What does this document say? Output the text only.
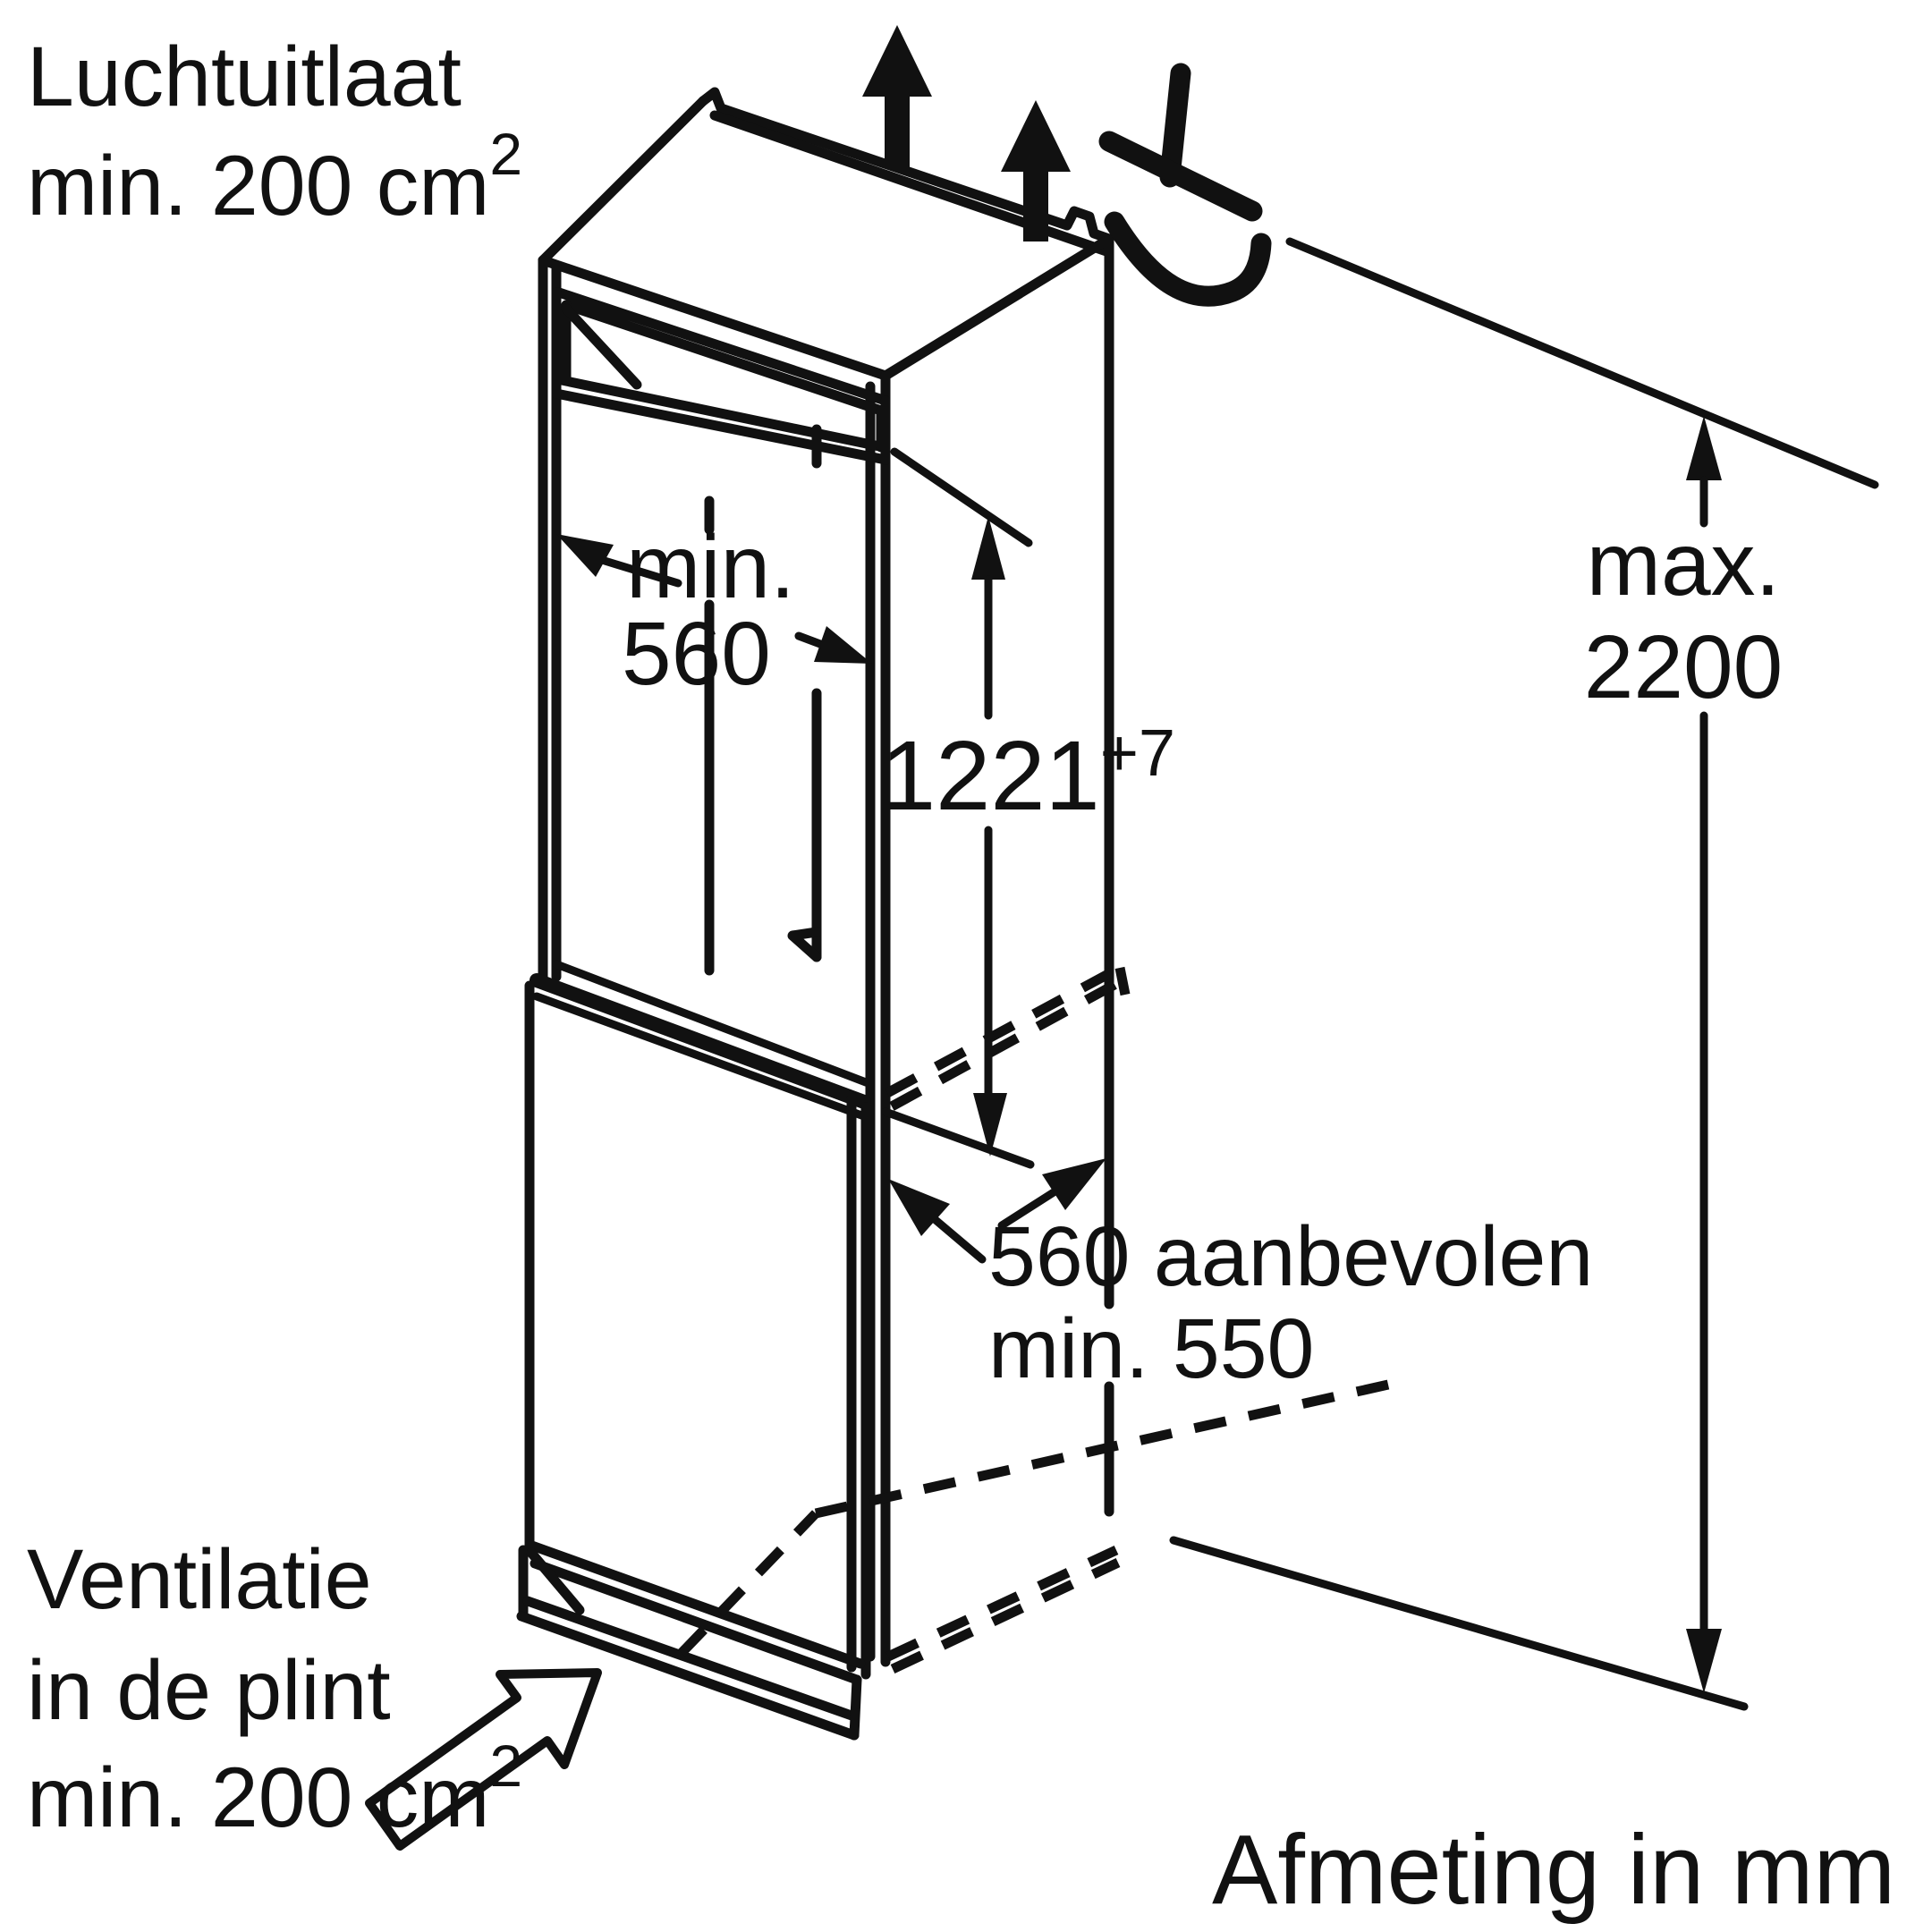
min.
560
1221+7
max.
2200
560 aanbevolen
min. 550
Luchtuitlaat
min. 200 cm2
Ventilatie
in de plint
min. 200 cm2
Afmeting in mm
